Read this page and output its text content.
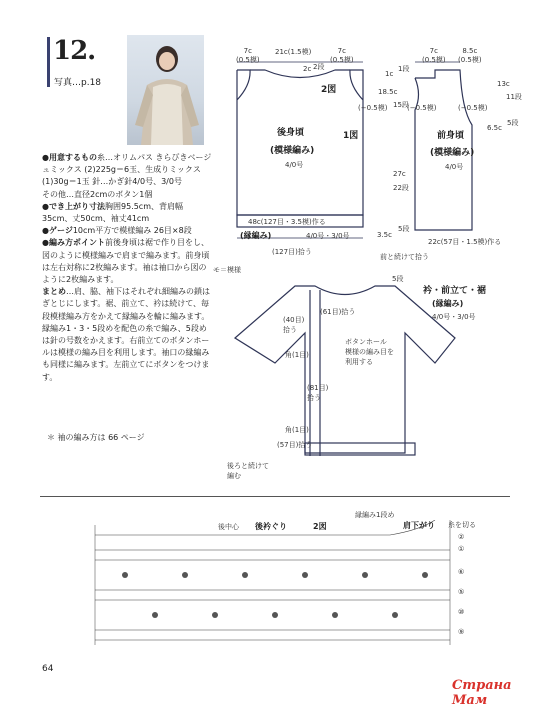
12.
写真…p.18
●用意するもの糸…オリムパス きらびきベージュミックス (2)225g＝6玉、生成りミックス (1)30g＝1玉 針…かぎ針4/0号、3/0号
その他…直径2cmのボタン1個
●でき上がり寸法胸囲95.5cm、背肩幅35cm、丈50cm、袖丈41cm
●ゲージ10cm平方で模様編み 26目×8段
●編み方ポイント前後身頃は裾で作り目をし、図のように模様編みで肩まで編みます。前身頃は左右対称に2枚編みます。袖は袖口から図のように2枚編みます。
まとめ…肩、脇、袖下はそれぞれ細編みの鎖はぎとじにします。裾、前立て、衿は続けて、毎段模様編み方をかえて縁編みを輪に編みます。縁編み1・3・5段めを配色の糸で編み、5段めは針の号数をかえます。右前立てのボタンホールは模様の編み目を利用します。袖口の縁編みも同様に編みます。左前立てにボタンをつけます。
＊ 袖の編み方は 66 ページ
7c
(0.5模)
21c(1.5模)	7c
(0.5模)
2c 2段
2図
1図
後身頃
(模様編み)
4/0号
(−0.5模)
48c(127目・3.5模)作る
(縁編み)	4/0号・3/0号	3.5c
5段
(127目)拾う
モ＝模様
7c
(0.5模)
8.5c
(0.5模)
1c
1段
18.5c
15段
(−0.5模)	(−0.5模)
13c
11段
6.5c
5段
前身頃
(模様編み)
4/0号
27c
22段
22c(57目・1.5模)作る
前と続けて拾う
衿・前立て・裾
(縁編み)
4/0号・3/0号
5段
(61目)拾う
(40目)
拾う
ボタンホール
模様の編み目を
利用する
角(1目)
(81目)
拾う
角(1目)
(57目)拾う
後ろと続けて
編む
後中心 後衿ぐり	2図
縁編み1段め
肩下がり 糸を切る
②
①
⑥
⑤
⑩
⑨
64
Страна Мам
